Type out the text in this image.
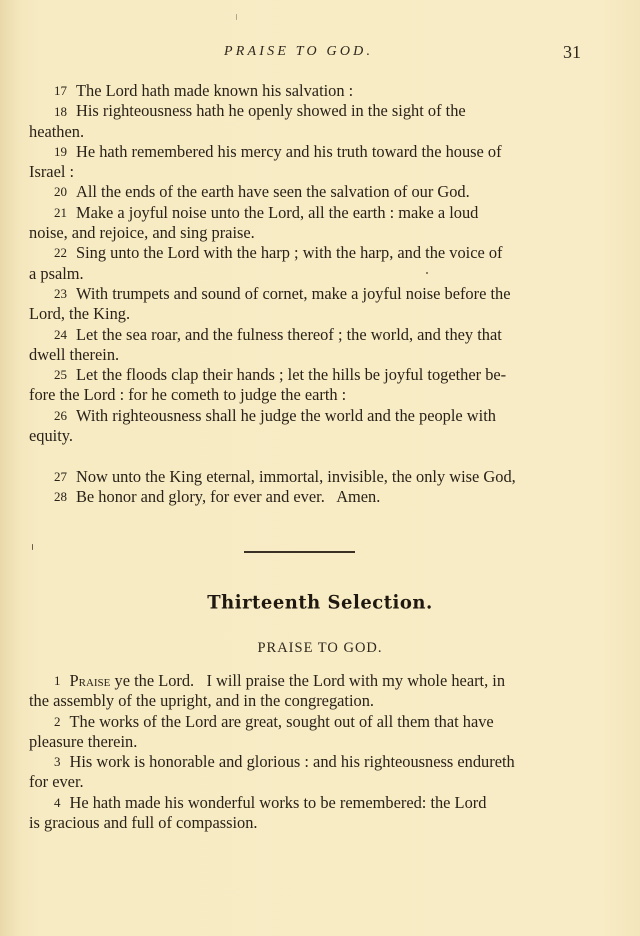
PRAISE TO GOD.	31
17 The Lord hath made known his salvation :
18 His righteousness hath he openly showed in the sight of the
heathen.
19 He hath remembered his mercy and his truth toward the house of
Israel :
20 All the ends of the earth have seen the salvation of our God.
21 Make a joyful noise unto the Lord, all the earth : make a loud
noise, and rejoice, and sing praise.
22 Sing unto the Lord with the harp ; with the harp, and the voice of
a psalm.
23 With trumpets and sound of cornet, make a joyful noise before the
Lord, the King.
24 Let the sea roar, and the fulness thereof ; the world, and they that
dwell therein.
25 Let the floods clap their hands ; let the hills be joyful together be-
fore the Lord : for he cometh to judge the earth :
26 With righteousness shall he judge the world and the people with
equity.
27 Now unto the King eternal, immortal, invisible, the only wise God,
28 Be honor and glory, for ever and ever.   Amen.
Thirteenth Selection.
PRAISE TO GOD.
1 Praise ye the Lord.   I will praise the Lord with my whole heart, in
the assembly of the upright, and in the congregation.
2 The works of the Lord are great, sought out of all them that have
pleasure therein.
3 His work is honorable and glorious : and his righteousness endureth
for ever.
4 He hath made his wonderful works to be remembered: the Lord
is gracious and full of compassion.
